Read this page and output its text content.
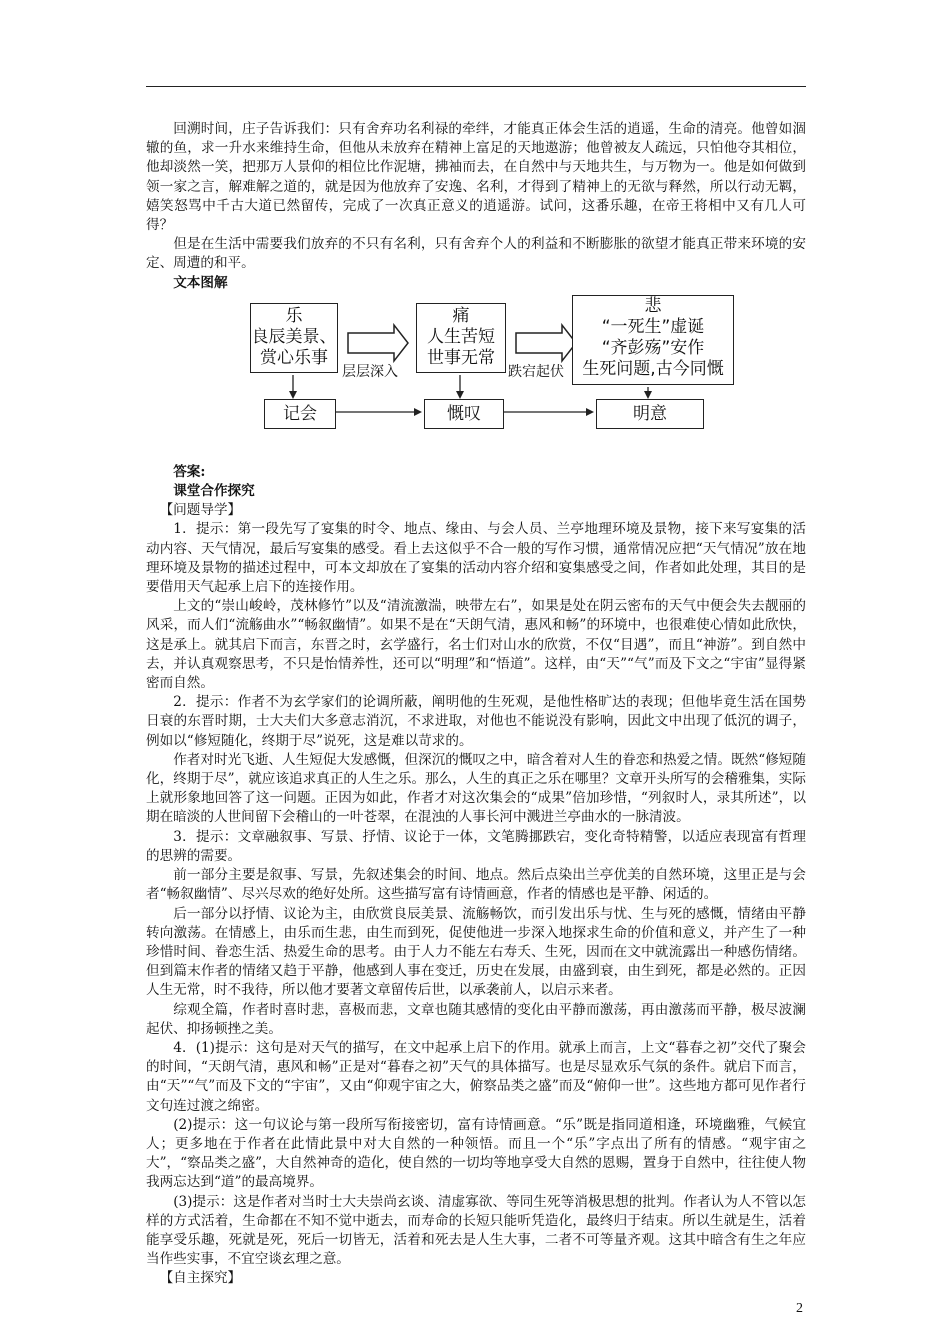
回溯时间，庄子告诉我们：只有舍弃功名利禄的牵绊，才能真正体会生活的逍遥，生命的清亮。他曾如涸辙的鱼，求一升水来维持生命，但他从未放弃在精神上富足的天地遨游；他曾被友人疏远，只怕他夺其相位，他却淡然一笑，把那万人景仰的相位比作泥塘，拂袖而去，在自然中与天地共生，与万物为一。他是如何做到领一家之言，解难解之道的，就是因为他放弃了安逸、名利，才得到了精神上的无欲与释然，所以行动无羁，嬉笑怒骂中千古大道已然留传，完成了一次真正意义的逍遥游。试问，这番乐趣，在帝王将相中又有几人可得？

但是在生活中需要我们放弃的不只有名利，只有舍弃个人的利益和不断膨胀的欲望才能真正带来环境的安定、周遭的和平。

文本图解

乐
良辰美景、
赏心乐事
痛
人生苦短
世事无常
悲
“一死生”虚诞
“齐彭殇”安作
生死问题,古今同慨
层层深入	跌宕起伏
记会	慨叹	明意

答案:

课堂合作探究

【问题导学】

1．提示：第一段先写了宴集的时令、地点、缘由、与会人员、兰亭地理环境及景物，接下来写宴集的活动内容、天气情况，最后写宴集的感受。看上去这似乎不合一般的写作习惯，通常情况应把“天气情况”放在地理环境及景物的描述过程中，可本文却放在了宴集的活动内容介绍和宴集感受之间，作者如此处理，其目的是要借用天气起承上启下的连接作用。

上文的“崇山峻岭，茂林修竹”以及“清流激湍，映带左右”，如果是处在阴云密布的天气中便会失去靓丽的风采，而人们“流觞曲水”“畅叙幽情”。如果不是在“天朗气清，惠风和畅”的环境中，也很难使心情如此欣快，这是承上。就其启下而言，东晋之时，玄学盛行，名士们对山水的欣赏，不仅“目遇”，而且“神游”。到自然中去，并认真观察思考，不只是怡情养性，还可以“明理”和“悟道”。这样，由“天”“气”而及下文之“宇宙”显得紧密而自然。

2．提示：作者不为玄学家们的论调所蔽，阐明他的生死观，是他性格旷达的表现；但他毕竟生活在国势日衰的东晋时期，士大夫们大多意志消沉，不求进取，对他也不能说没有影响，因此文中出现了低沉的调子，例如以“修短随化，终期于尽”说死，这是难以苛求的。

作者对时光飞逝、人生短促大发感慨，但深沉的慨叹之中，暗含着对人生的眷恋和热爱之情。既然“修短随化，终期于尽”，就应该追求真正的人生之乐。那么，人生的真正之乐在哪里？文章开头所写的会稽雅集，实际上就形象地回答了这一问题。正因为如此，作者才对这次集会的“成果”倍加珍惜，“列叙时人，录其所述”，以期在暗淡的人世间留下会稽山的一叶苍翠，在混浊的人事长河中溅进兰亭曲水的一脉清波。

3．提示：文章融叙事、写景、抒情、议论于一体，文笔腾挪跌宕，变化奇特精警，以适应表现富有哲理的思辨的需要。

前一部分主要是叙事、写景，先叙述集会的时间、地点。然后点染出兰亭优美的自然环境，这里正是与会者“畅叙幽情”、尽兴尽欢的绝好处所。这些描写富有诗情画意，作者的情感也是平静、闲适的。

后一部分以抒情、议论为主，由欣赏良辰美景、流觞畅饮，而引发出乐与忧、生与死的感慨，情绪由平静转向激荡。在情感上，由乐而生悲，由生而到死，促使他进一步深入地探求生命的价值和意义，并产生了一种珍惜时间、眷恋生活、热爱生命的思考。由于人力不能左右寿夭、生死，因而在文中就流露出一种感伤情绪。但到篇末作者的情绪又趋于平静，他感到人事在变迁，历史在发展，由盛到衰，由生到死，都是必然的。正因人生无常，时不我待，所以他才要著文章留传后世，以承袭前人，以启示来者。

综观全篇，作者时喜时悲，喜极而悲，文章也随其感情的变化由平静而激荡，再由激荡而平静，极尽波澜起伏、抑扬顿挫之美。

4．(1)提示：这句是对天气的描写，在文中起承上启下的作用。就承上而言，上文“暮春之初”交代了聚会的时间，“天朗气清，惠风和畅”正是对“暮春之初”天气的具体描写。也是尽显欢乐气氛的条件。就启下而言，由“天”“气”而及下文的“宇宙”，又由“仰观宇宙之大，俯察品类之盛”而及“俯仰一世”。这些地方都可见作者行文句连过渡之绵密。

(2)提示：这一句议论与第一段所写衔接密切，富有诗情画意。“乐”既是指同道相逢，环境幽雅，气候宜人；更多地在于作者在此情此景中对大自然的一种领悟。而且一个“乐”字点出了所有的情感。“观宇宙之大”，“察品类之盛”，大自然神奇的造化，使自然的一切均等地享受大自然的恩赐，置身于自然中，往往使人物我两忘达到“道”的最高境界。

(3)提示：这是作者对当时士大夫崇尚玄谈、清虚寡欲、等同生死等消极思想的批判。作者认为人不管以怎样的方式活着，生命都在不知不觉中逝去，而寿命的长短只能听凭造化，最终归于结束。所以生就是生，活着能享受乐趣，死就是死，死后一切皆无，活着和死去是人生大事，二者不可等量齐观。这其中暗含有生之年应当作些实事，不宜空谈玄理之意。

【自主探究】

2
